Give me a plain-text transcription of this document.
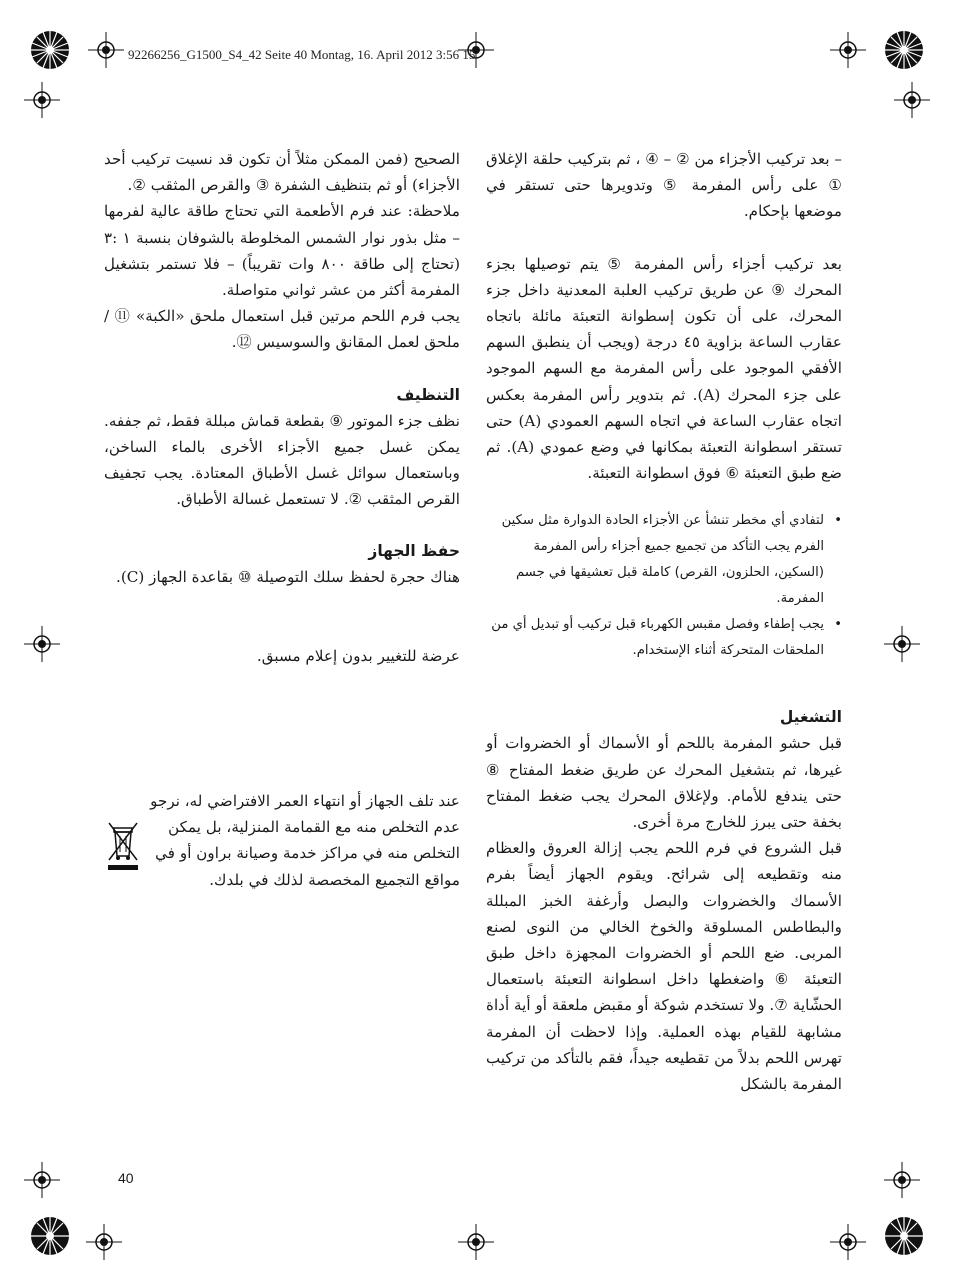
92266256_G1500_S4_42 Seite 40 Montag, 16. April 2012 3:56 15

– بعد تركيب الأجزاء من ② – ④ ، ثم بتركيب حلقة الإغلاق ① على رأس المفرمة ⑤ وتدويرها حتى تستقر في موضعها بإحكام.

بعد تركيب أجزاء رأس المفرمة ⑤ يتم توصيلها بجزء المحرك ⑨ عن طريق تركيب العلبة المعدنية داخل جزء المحرك، على أن تكون إسطوانة التعبئة مائلة باتجاه عقارب الساعة بزاوية ٤٥ درجة (ويجب أن ينطبق السهم الأفقي الموجود على رأس المفرمة مع السهم الموجود على جزء المحرك (A). ثم بتدوير رأس المفرمة بعكس اتجاه عقارب الساعة في اتجاه السهم العمودي (A) حتى تستقر اسطوانة التعبئة بمكانها في وضع عمودي (A). ثم ضع طبق التعبئة ⑥ فوق اسطوانة التعبئة.

• لتفادي أي مخطر تنشأ عن الأجزاء الحادة الدوارة مثل سكين الفرم يجب التأكد من تجميع جميع أجزاء رأس المفرمة (السكين، الحلزون، القرص) كاملة قبل تعشيقها في جسم المفرمة.

• يجب إطفاء وفصل مقبس الكهرباء قبل تركيب أو تبديل أي من الملحقات المتحركة أثناء الإستخدام.

التشغيل

قبل حشو المفرمة باللحم أو الأسماك أو الخضروات أو غيرها، ثم بتشغيل المحرك عن طريق ضغط المفتاح ⑧ حتى يندفع للأمام. ولإغلاق المحرك يجب ضغط المفتاح بخفة حتى يبرز للخارج مرة أخرى.

قبل الشروع في فرم اللحم يجب إزالة العروق والعظام منه وتقطيعه إلى شرائح. ويقوم الجهاز أيضاً بفرم الأسماك والخضروات والبصل وأرغفة الخبز المبللة والبطاطس المسلوقة والخوخ الخالي من النوى لصنع المربى. ضع اللحم أو الخضروات المجهزة داخل طبق التعبئة ⑥ واضغطها داخل اسطوانة التعبئة باستعمال الحشّاية ⑦. ولا تستخدم شوكة أو مقبض ملعقة أو أية أداة مشابهة للقيام بهذه العملية. وإذا لاحظت أن المفرمة تهرس اللحم بدلاً من تقطيعه جيداً، فقم بالتأكد من تركيب المفرمة بالشكل

الصحيح (فمن الممكن مثلاً أن تكون قد نسيت تركيب أحد الأجزاء) أو ثم بتنظيف الشفرة ③ والقرص المثقب ②.

ملاحظة: عند فرم الأطعمة التي تحتاج طاقة عالية لفرمها – مثل بذور نوار الشمس المخلوطة بالشوفان بنسبة ١ :٣ (تحتاج إلى طاقة ٨٠٠ وات تقريباً) – فلا تستمر بتشغيل المفرمة أكثر من عشر ثواني متواصلة.

يجب فرم اللحم مرتين قبل استعمال ملحق «الكبة» ⑪ / ملحق لعمل المقانق والسوسيس ⑫.

التنظيف

نظف جزء الموتور ⑨ بقطعة قماش مبللة فقط، ثم جففه. يمكن غسل جميع الأجزاء الأخرى بالماء الساخن، وباستعمال سوائل غسل الأطباق المعتادة. يجب تجفيف القرص المثقب ②. لا تستعمل غسالة الأطباق.

حفظ الجهاز

هناك حجرة لحفظ سلك التوصيلة ⑩ بقاعدة الجهاز (C).

عرضة للتغيير بدون إعلام مسبق.

عند تلف الجهاز أو انتهاء العمر الافتراضي له، نرجو عدم التخلص منه مع القمامة المنزلية، بل يمكن التخلص منه في مراكز خدمة وصيانة براون أو في مواقع التجميع المخصصة لذلك في بلدك.
40
